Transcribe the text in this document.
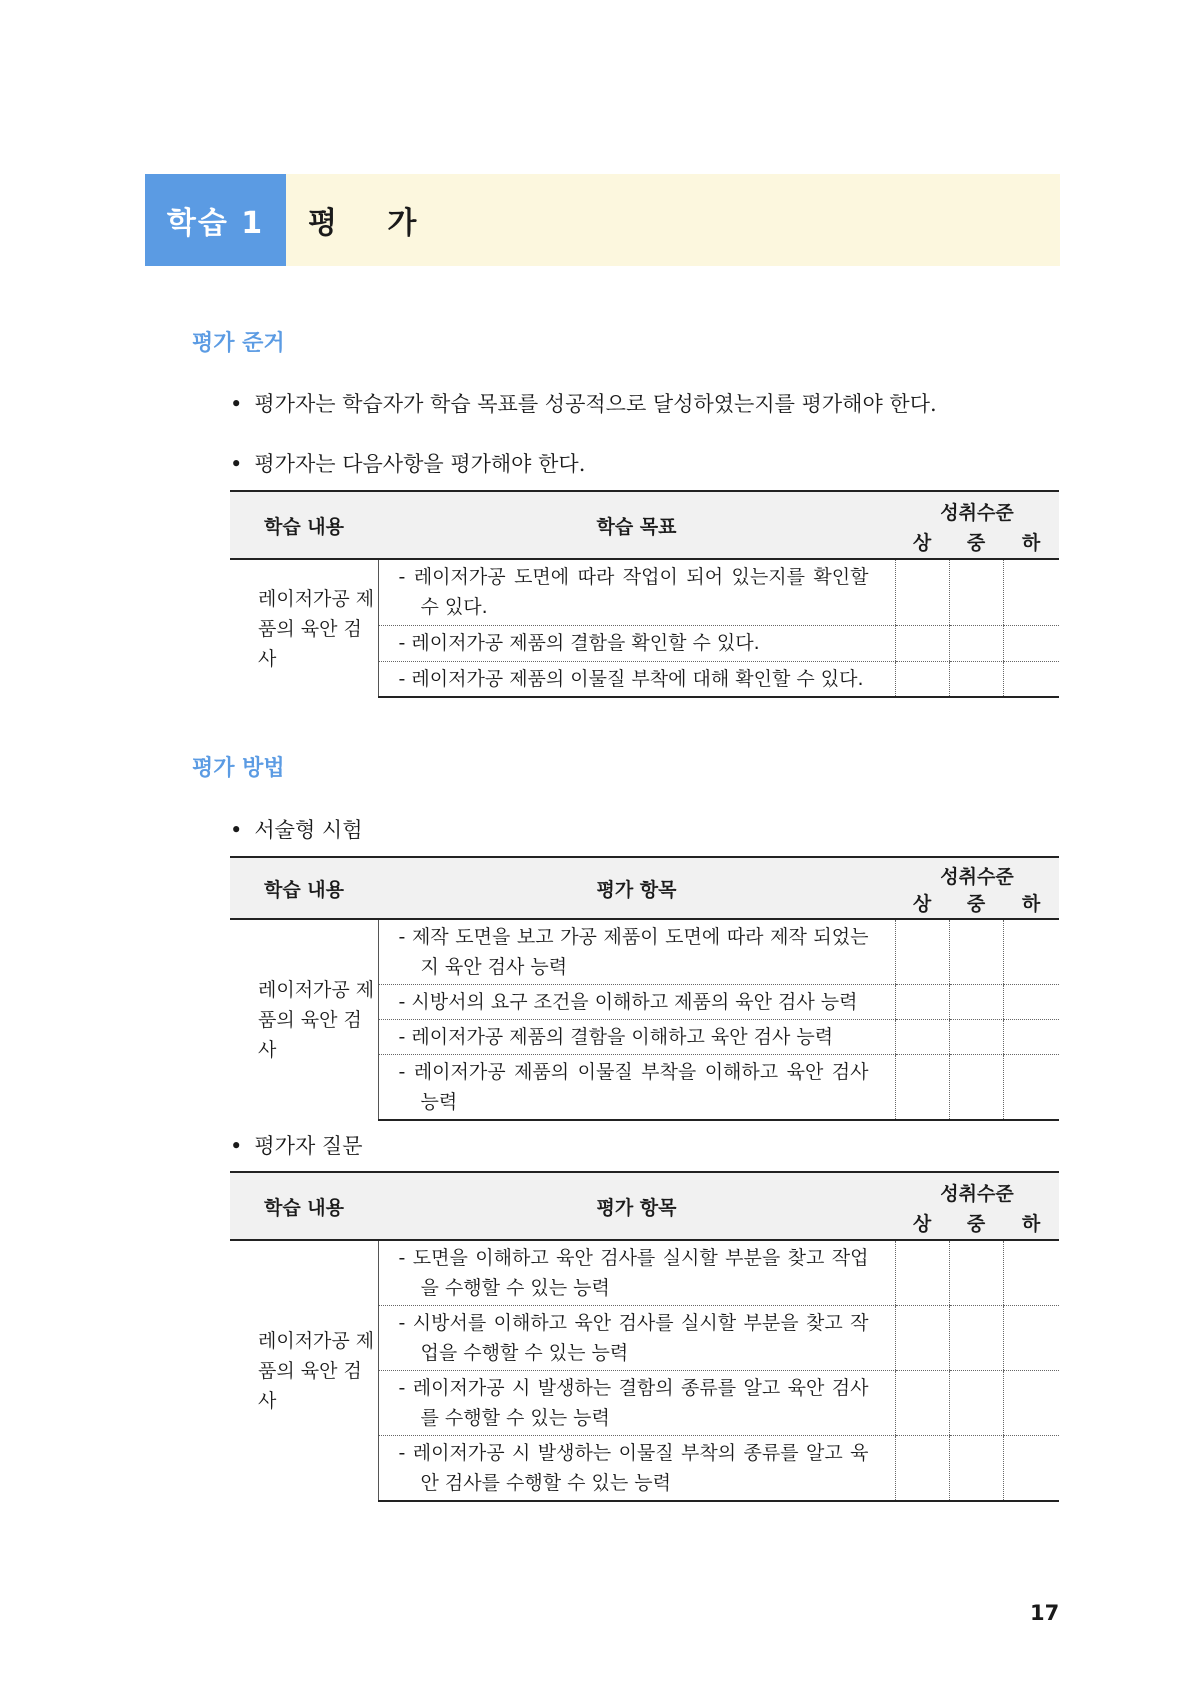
학습 1	평 가
평가 준거
• 평가자는 학습자가 학습 목표를 성공적으로 달성하였는지를 평가해야 한다.
• 평가자는 다음사항을 평가해야 한다.
학습 내용	학습 목표	성취수준		
		상	중	하
레이저가공 제품의 육안 검사	- 레이저가공 도면에 따라 작업이 되어 있는지를 확인할 수 있다.			

	- 레이저가공 제품의 결함을 확인할 수 있다.			

	- 레이저가공 제품의 이물질 부착에 대해 확인할 수 있다.			

평가 방법
• 서술형 시험
학습 내용	평가 항목	성취수준		
		상	중	하
레이저가공 제품의 육안 검사	- 제작 도면을 보고 가공 제품이 도면에 따라 제작 되었는지 육안 검사 능력			

	- 시방서의 요구 조건을 이해하고 제품의 육안 검사 능력			

	- 레이저가공 제품의 결함을 이해하고 육안 검사 능력			

	- 레이저가공 제품의 이물질 부착을 이해하고 육안 검사 능력			

• 평가자 질문
학습 내용	평가 항목	성취수준		
		상	중	하
레이저가공 제품의 육안 검사	- 도면을 이해하고 육안 검사를 실시할 부분을 찾고 작업을 수행할 수 있는 능력			

	- 시방서를 이해하고 육안 검사를 실시할 부분을 찾고 작업을 수행할 수 있는 능력			

	- 레이저가공 시 발생하는 결함의 종류를 알고 육안 검사를 수행할 수 있는 능력			

	- 레이저가공 시 발생하는 이물질 부착의 종류를 알고 육안 검사를 수행할 수 있는 능력			

17
